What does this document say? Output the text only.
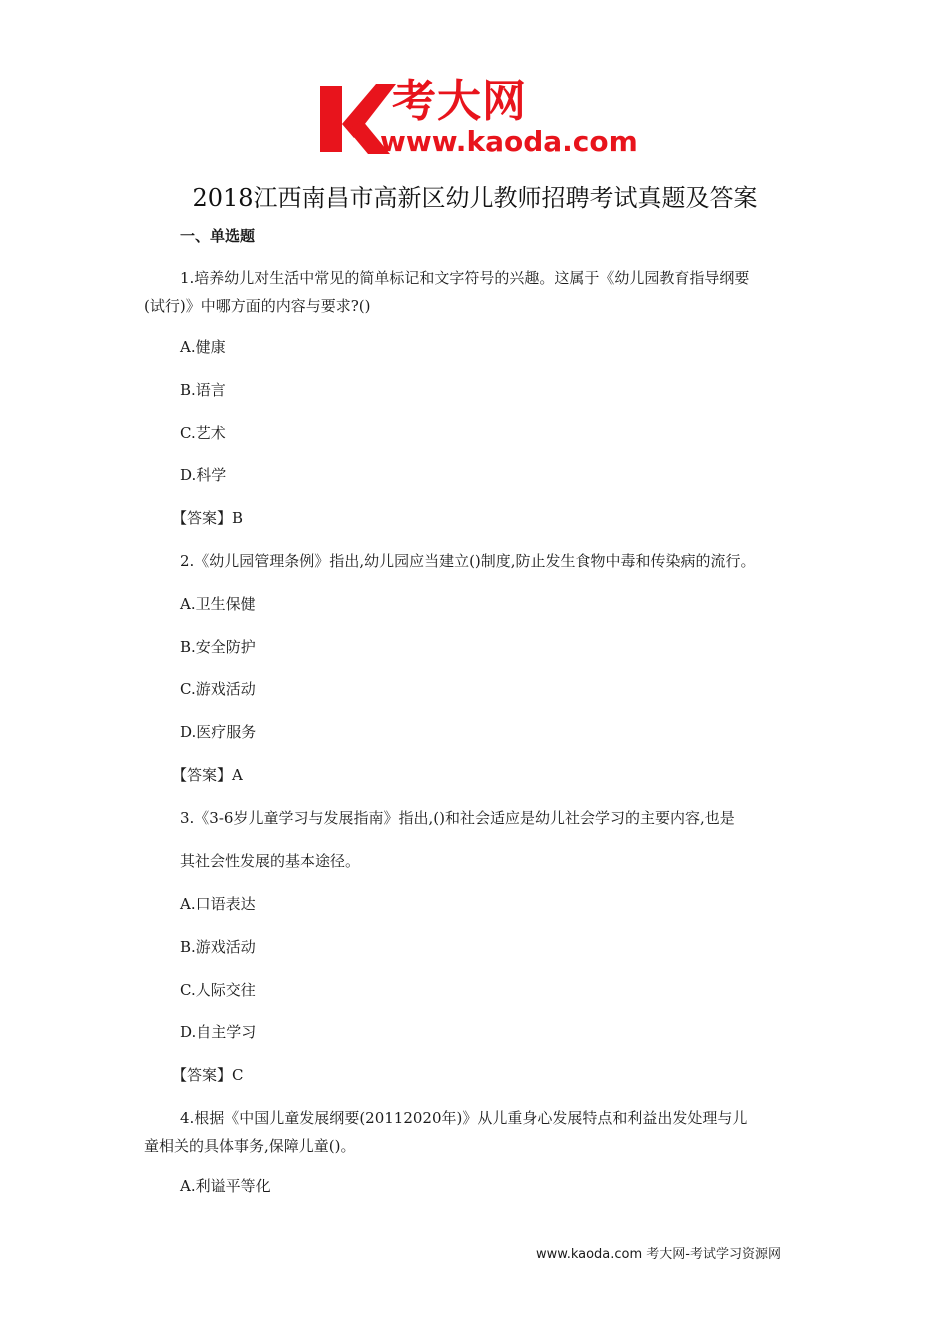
考大网
www.kaoda.com
2018江西南昌市高新区幼儿教师招聘考试真题及答案
一、单选题
1.培养幼儿对生活中常见的简单标记和文字符号的兴趣。这属于《幼儿园教育指导纲要
(试行)》中哪方面的内容与要求?()
A.健康
B.语言
C.艺术
D.科学
【答案】B
2.《幼儿园管理条例》指出,幼儿园应当建立()制度,防止发生食物中毒和传染病的流行。
A.卫生保健
B.安全防护
C.游戏活动
D.医疗服务
【答案】A
3.《3-6岁儿童学习与发展指南》指出,()和社会适应是幼儿社会学习的主要内容,也是
其社会性发展的基本途径。
A.口语表达
B.游戏活动
C.人际交往
D.自主学习
【答案】C
4.根据《中国儿童发展纲要(20112020年)》从儿重身心发展特点和利益出发处理与儿
童相关的具体事务,保障儿童()。
A.利谥平等化
www.kaoda.com 考大网-考试学习资源网
